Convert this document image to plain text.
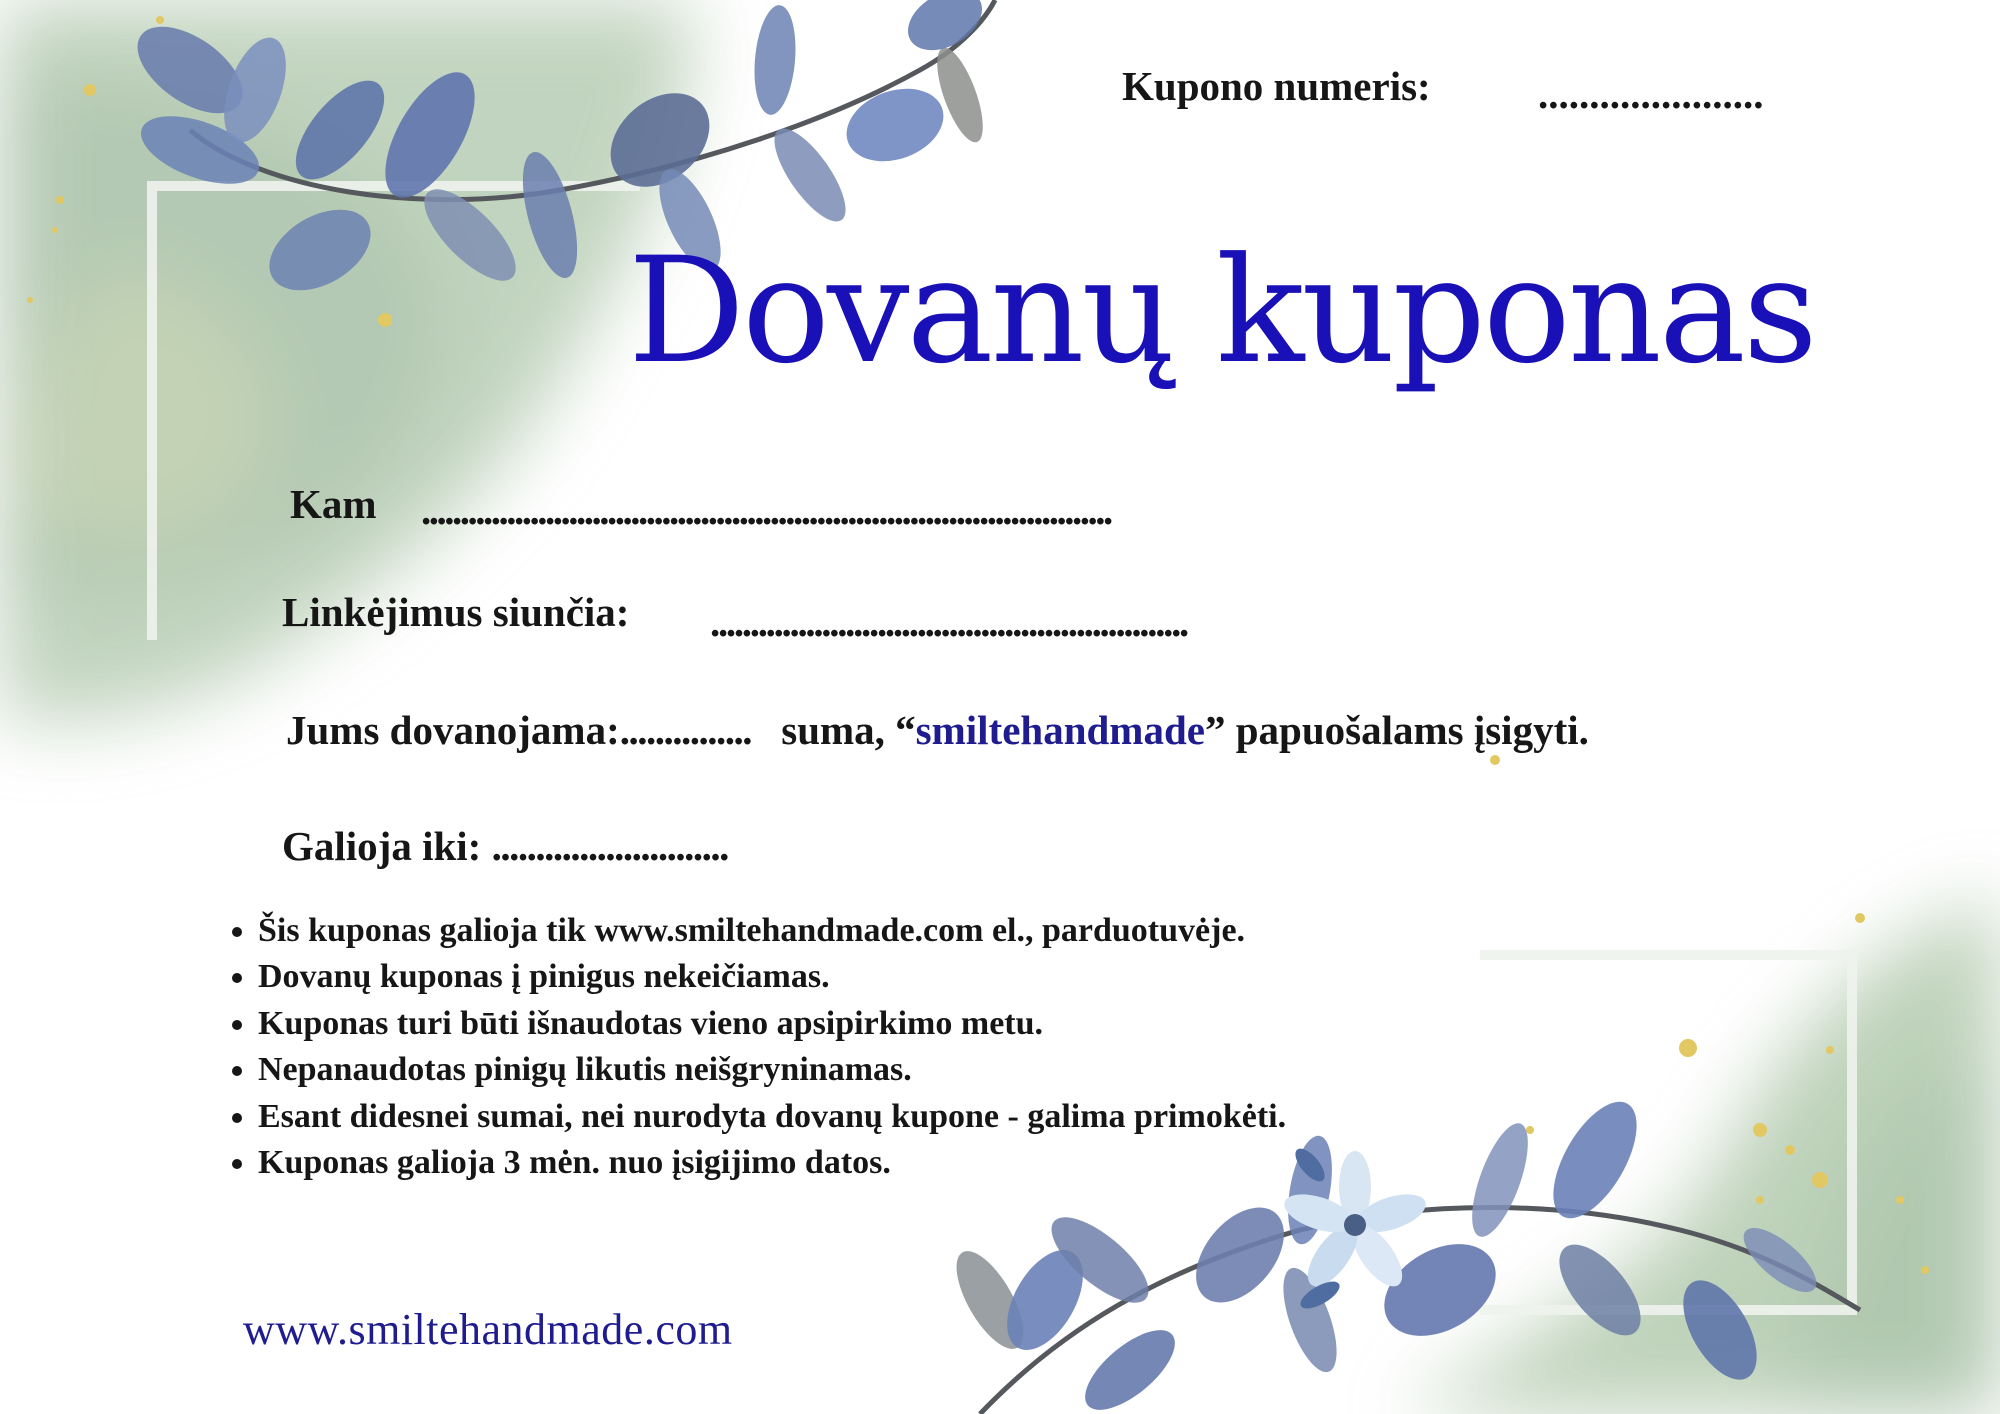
Kupono numeris:	......................
Dovanų kuponas
Kam .........................................................................................
Linkėjimus siunčia: ............................................................
Jums dovanojama:............... suma, “smiltehandmade” papuošalams įsigyti.
Galioja iki: ...........................
• Šis kuponas galioja tik www.smiltehandmade.com el., parduotuvėje.
• Dovanų kuponas į pinigus nekeičiamas.
• Kuponas turi būti išnaudotas vieno apsipirkimo metu.
• Nepanaudotas pinigų likutis neišgryninamas.
• Esant didesnei sumai, nei nurodyta dovanų kupone - galima primokėti.
• Kuponas galioja 3 mėn. nuo įsigijimo datos.
www.smiltehandmade.com
